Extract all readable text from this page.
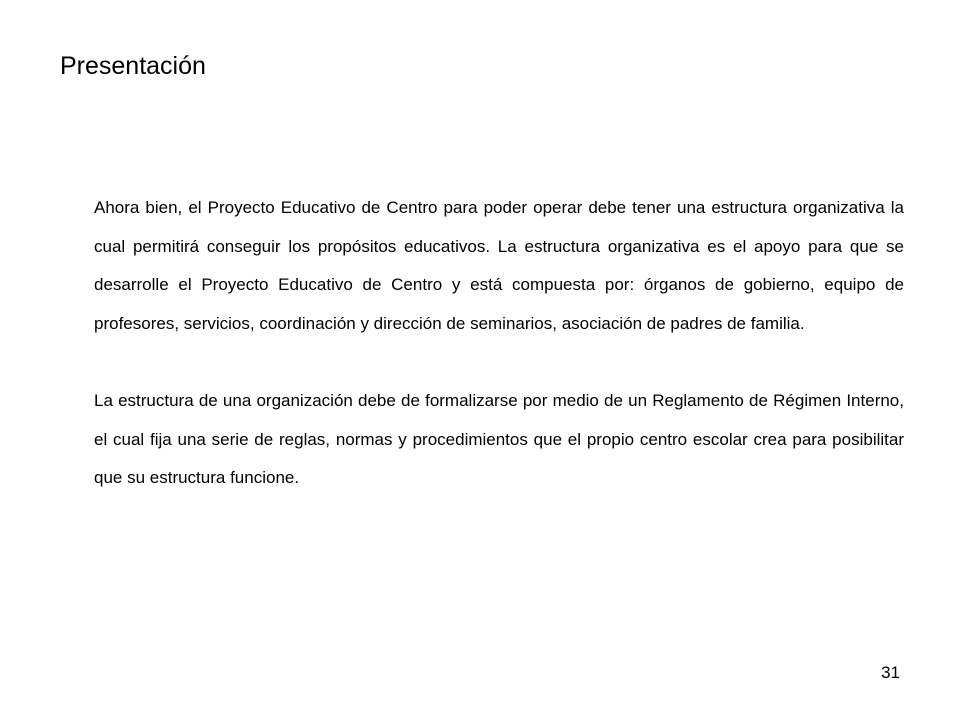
Presentación

Ahora bien, el Proyecto Educativo de Centro para poder operar debe tener una estructura organizativa la cual permitirá conseguir los propósitos educativos. La estructura organizativa es el apoyo para que se desarrolle el Proyecto Educativo de Centro y está compuesta por: órganos de gobierno, equipo de profesores, servicios, coordinación y dirección de seminarios, asociación de padres de familia.

La estructura de una organización debe de formalizarse por medio de un Reglamento de Régimen Interno, el cual fija una serie de reglas, normas y procedimientos que el propio centro escolar crea para posibilitar que su estructura funcione.

31
